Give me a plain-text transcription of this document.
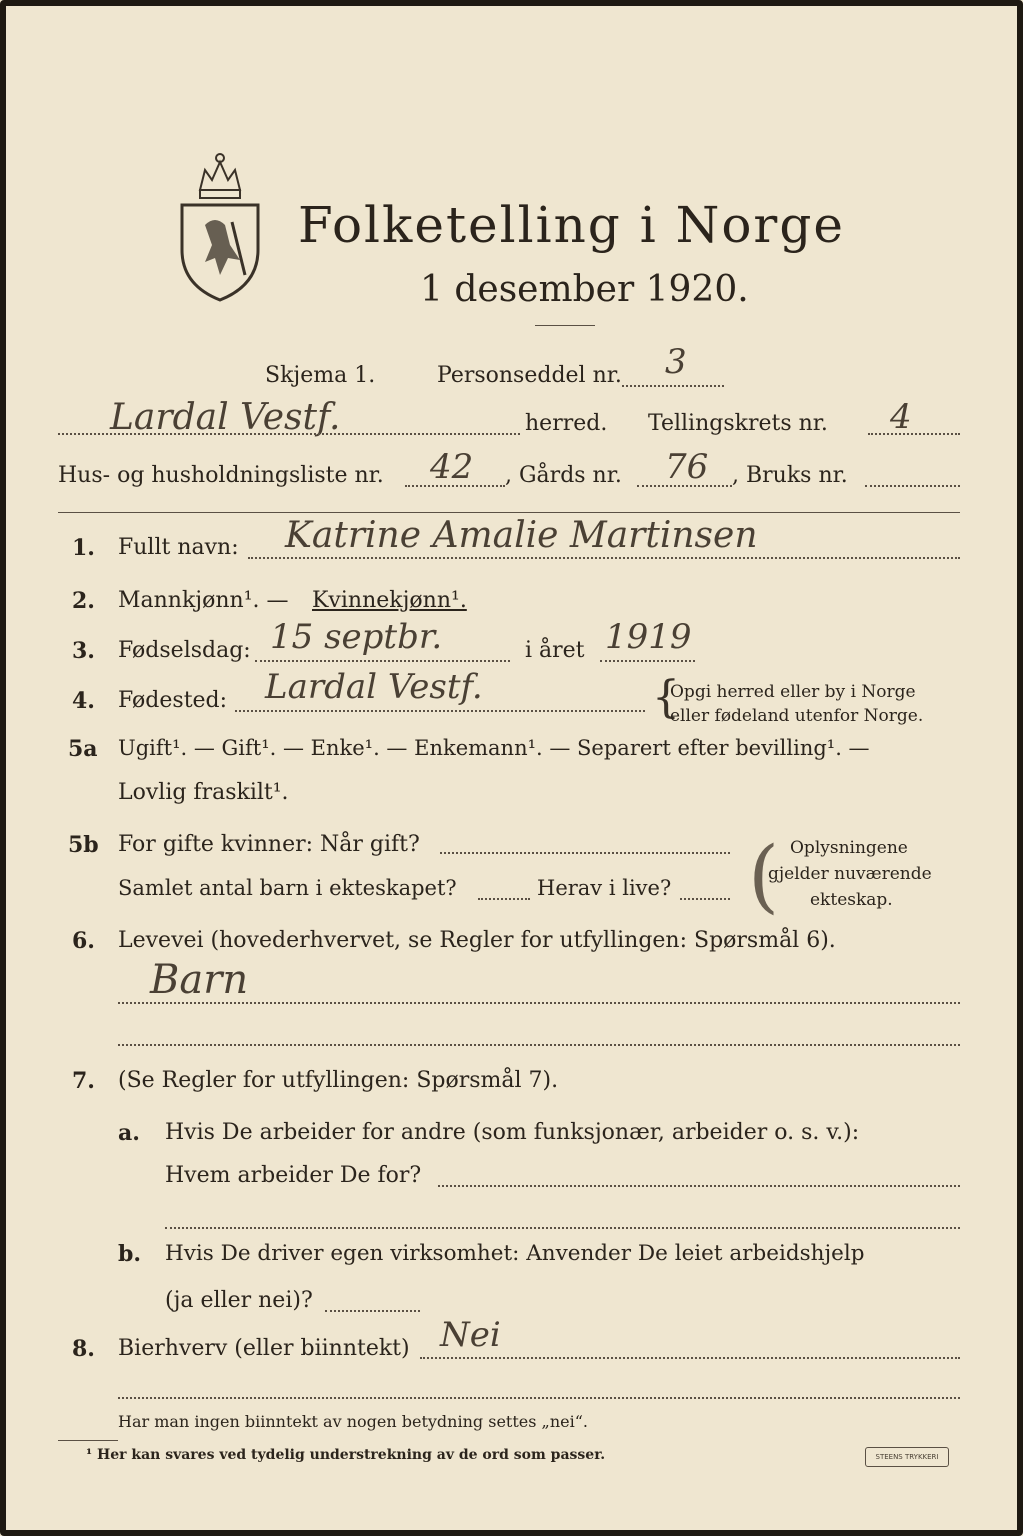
Folketelling i Norge
1 desember 1920.
Skjema 1.	Personseddel nr. 3
Lardal Vestf.	herred. Tellingskrets nr. 4
Hus- og husholdningsliste nr. 42 , Gårds nr. 76 , Bruks nr.
1. Fullt navn: Katrine Amalie Martinsen
2. Mannkjønn¹. — Kvinnekjønn¹.
3. Fødselsdag: 15 septbr.	i året 1919
4. Fødested: Lardal Vestf.	{
Opgi herred eller by i Norge
eller fødeland utenfor Norge.
5a Ugift¹. — Gift¹. — Enke¹. — Enkemann¹. — Separert efter bevilling¹. —
Lovlig fraskilt¹.
5b For gifte kvinner: Når gift?
Samlet antal barn i ekteskapet?	Herav i live? ( Oplysningene
gjelder nuværende
ekteskap.
6. Levevei (hovederhvervet, se Regler for utfyllingen: Spørsmål 6).
Barn
7. (Se Regler for utfyllingen: Spørsmål 7).
a. Hvis De arbeider for andre (som funksjonær, arbeider o. s. v.):
Hvem arbeider De for?
b. Hvis De driver egen virksomhet: Anvender De leiet arbeidshjelp
(ja eller nei)?
8. Bierhverv (eller biinntekt) Nei
Har man ingen biinntekt av nogen betydning settes „nei“.
¹ Her kan svares ved tydelig understrekning av de ord som passer.	STEENS TRYKKERI
